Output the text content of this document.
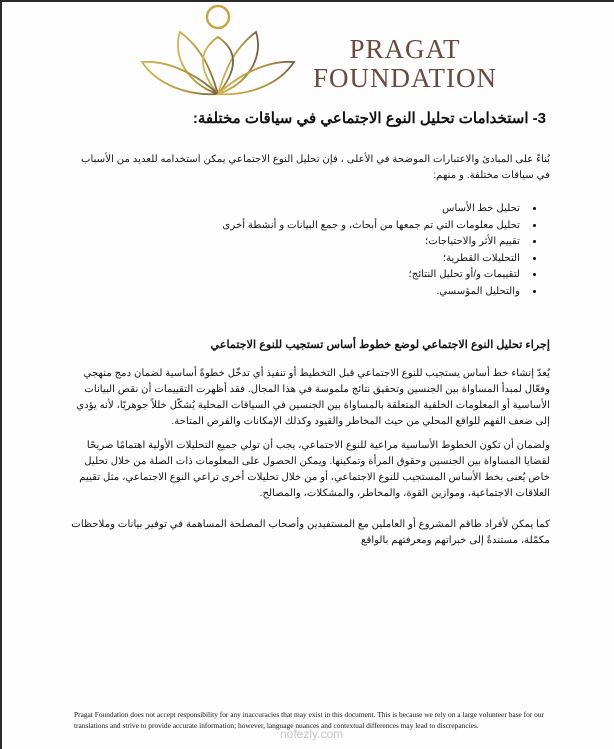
PRAGAT
FOUNDATION
3- استخدامات تحليل النوع الاجتماعي في سياقات مختلفة:
بُناءً على المبادئ والاعتبارات الموضحة في الأعلى ، فإن تحليل النوع الاجتماعي يمكن استخدامه للعديد من الأسباب في سياقات مختلفة. و منهم:
• تحليل خط الأساس
• تحليل معلومات التي تم جمعها من أبحاث، و جمع البيانات و أنشطة أخرى
• تقييم الأثر والاحتياجات؛
• التحليلات القطرية؛
• لتقييمات و/أو تحليل النتائج؛
• والتحليل المؤسسي.
إجراء تحليل النوع الاجتماعي لوضع خطوط أساس تستجيب للنوع الاجتماعي
يُعدّ إنشاء خط أساس يستجيب للنوع الاجتماعي قبل التخطيط أو تنفيذ أي تدخّل خطوةً أساسية لضمان دمج منهجي وفعّال لمبدأ المساواة بين الجنسين وتحقيق نتائج ملموسة في هذا المجال. فقد أظهرت التقييمات أن نقص البيانات الأساسية أو المعلومات الخلفية المتعلقة بالمساواة بين الجنسين في السياقات المحلية يُشكّل خللاً جوهريًا، لأنه يؤدي إلى ضعف الفهم للواقع المحلي من حيث المخاطر والقيود وكذلك الإمكانات والفرص المتاحة.
ولضمان أن تكون الخطوط الأساسية مراعية للنوع الاجتماعي، يجب أن تولي جميع التحليلات الأولية اهتمامًا صريحًا لقضايا المساواة بين الجنسين وحقوق المرأة وتمكينها. ويمكن الحصول على المعلومات ذات الصلة من خلال تحليل خاص يُعنى بخط الأساس المستجيب للنوع الاجتماعي، أو من خلال تحليلات أخرى تراعي النوع الاجتماعي، مثل تقييم العلاقات الاجتماعية، وموازين القوة، والمخاطر، والمشكلات، والمصالح.
كما يمكن لأفراد طاقم المشروع أو العاملين مع المستفيدين وأصحاب المصلحة المساهمة في توفير بيانات وملاحظات مكمّلة، مستندةً إلى خبراتهم ومعرفتهم بالواقع
Pragat Foundation does not accept responsibility for any inaccuracies that may exist in this document. This is because we rely on a large volunteer base for our translations and strive to provide accurate information; however, language nuances and contextual differences may lead to discrepancies.
nofezly.com
